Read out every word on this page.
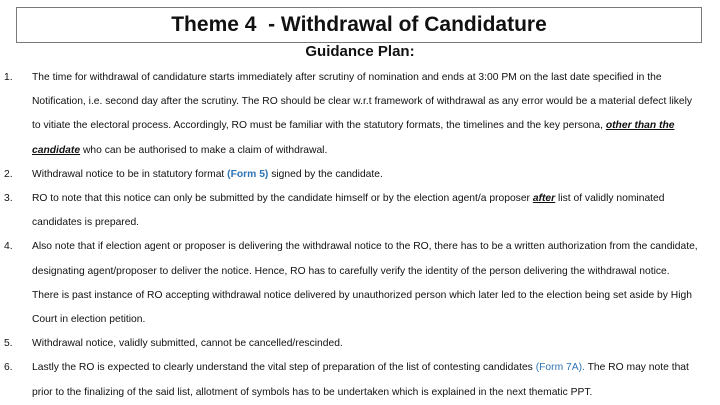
Theme 4  - Withdrawal of Candidature
Guidance Plan:
1. The time for withdrawal of candidature starts immediately after scrutiny of nomination and ends at 3:00 PM on the last date specified in the Notification, i.e. second day after the scrutiny. The RO should be clear w.r.t framework of withdrawal as any error would be a material defect likely to vitiate the electoral process. Accordingly, RO must be familiar with the statutory formats, the timelines and the key persona, other than the candidate who can be authorised to make a claim of withdrawal.
2. Withdrawal notice to be in statutory format (Form 5) signed by the candidate.
3. RO to note that this notice can only be submitted by the candidate himself or by the election agent/a proposer after list of validly nominated candidates is prepared.
4. Also note that if election agent or proposer is delivering the withdrawal notice to the RO, there has to be a written authorization from the candidate, designating agent/proposer to deliver the notice. Hence, RO has to carefully verify the identity of the person delivering the withdrawal notice. There is past instance of RO accepting withdrawal notice delivered by unauthorized person which later led to the election being set aside by High Court in election petition.
5. Withdrawal notice, validly submitted, cannot be cancelled/rescinded.
6. Lastly the RO is expected to clearly understand the vital step of preparation of the list of contesting candidates (Form 7A). The RO may note that prior to the finalizing of the said list, allotment of symbols has to be undertaken which is explained in the next thematic PPT.
